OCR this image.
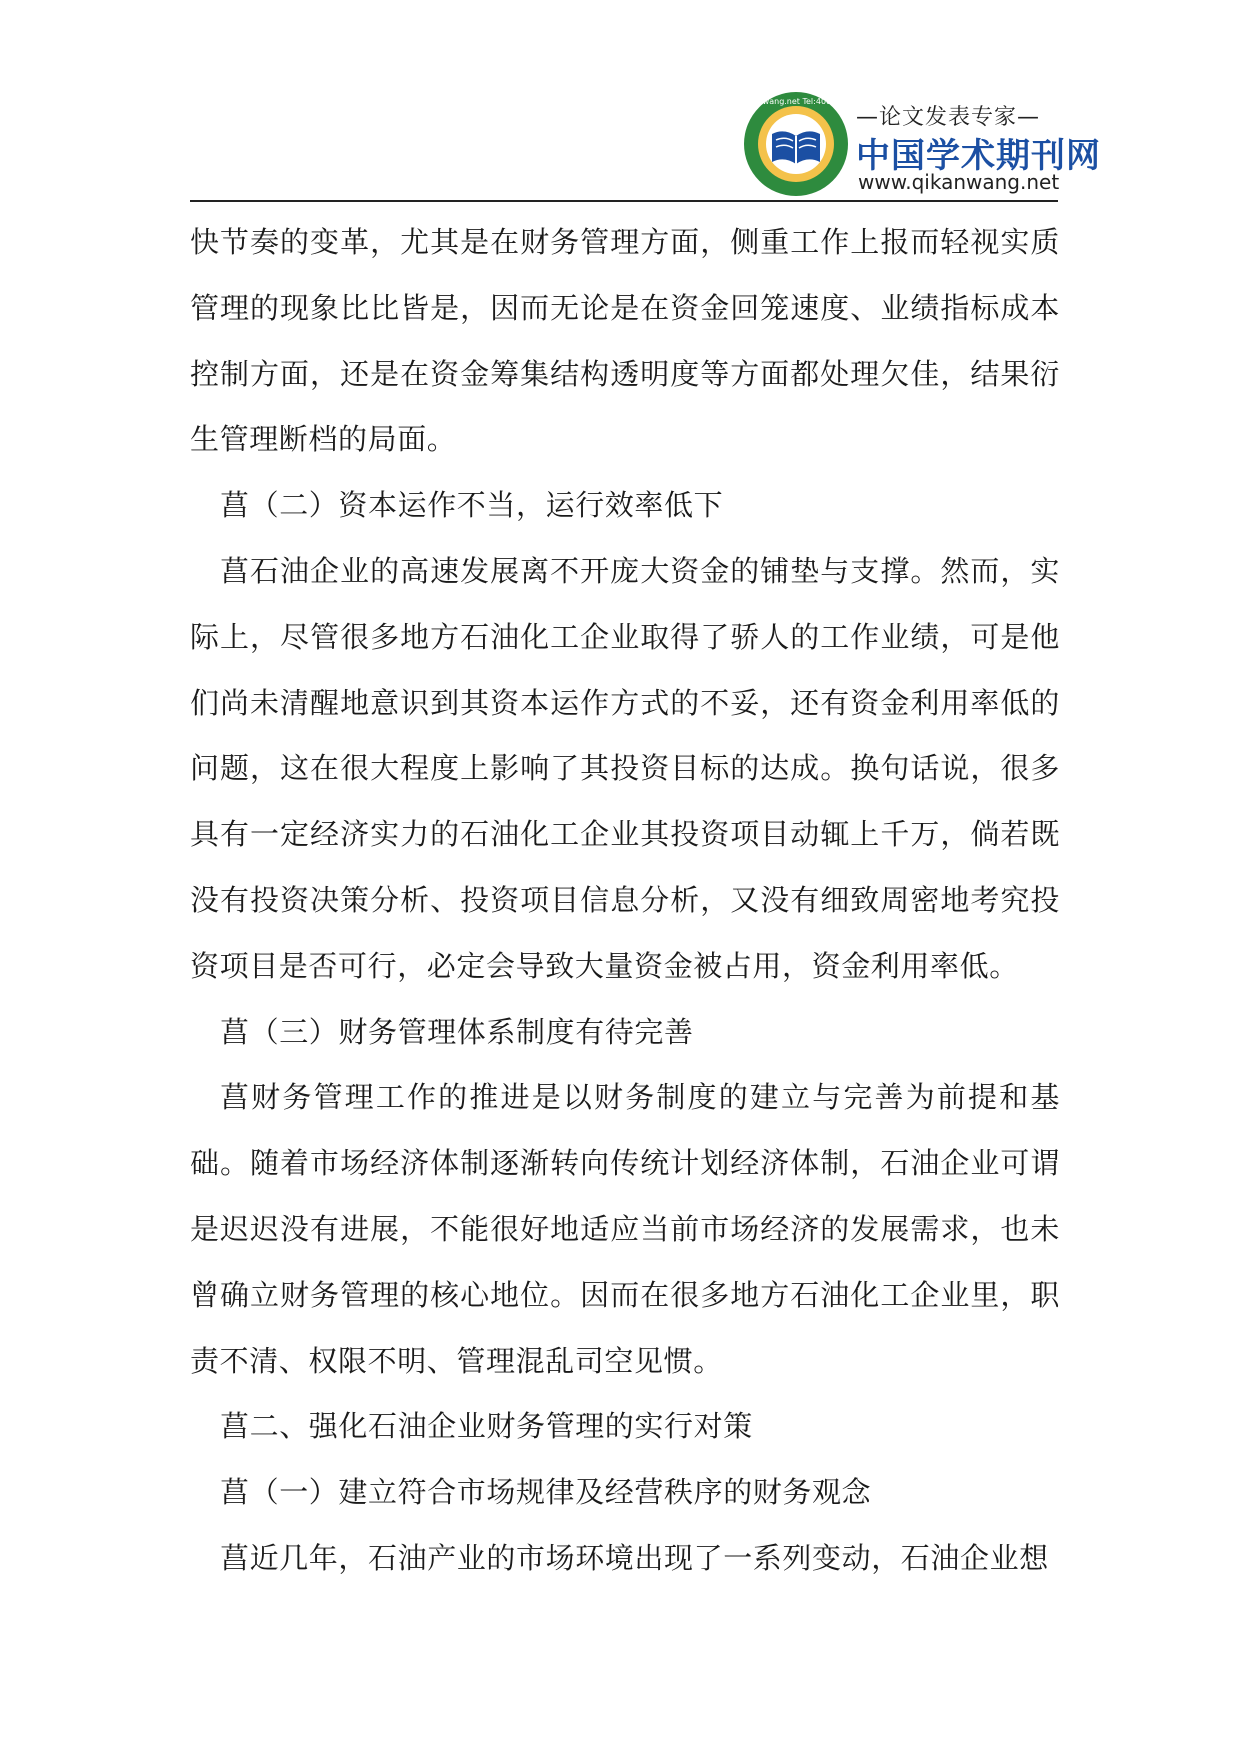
www.qikanwang.net Tel:400-600-1152
—论文发表专家—
中国学术期刊网
www.qikanwang.net

快节奏的变革，尤其是在财务管理方面，侧重工作上报而轻视实质管理的现象比比皆是，因而无论是在资金回笼速度、业绩指标成本控制方面，还是在资金筹集结构透明度等方面都处理欠佳，结果衍生管理断档的局面。

菖（二）资本运作不当，运行效率低下

菖石油企业的高速发展离不开庞大资金的铺垫与支撑。然而，实际上，尽管很多地方石油化工企业取得了骄人的工作业绩，可是他们尚未清醒地意识到其资本运作方式的不妥，还有资金利用率低的问题，这在很大程度上影响了其投资目标的达成。换句话说，很多具有一定经济实力的石油化工企业其投资项目动辄上千万，倘若既没有投资决策分析、投资项目信息分析，又没有细致周密地考究投资项目是否可行，必定会导致大量资金被占用，资金利用率低。

菖（三）财务管理体系制度有待完善

菖财务管理工作的推进是以财务制度的建立与完善为前提和基础。随着市场经济体制逐渐转向传统计划经济体制，石油企业可谓是迟迟没有进展，不能很好地适应当前市场经济的发展需求，也未曾确立财务管理的核心地位。因而在很多地方石油化工企业里，职责不清、权限不明、管理混乱司空见惯。

菖二、强化石油企业财务管理的实行对策

菖（一）建立符合市场规律及经营秩序的财务观念

菖近几年，石油产业的市场环境出现了一系列变动，石油企业想
